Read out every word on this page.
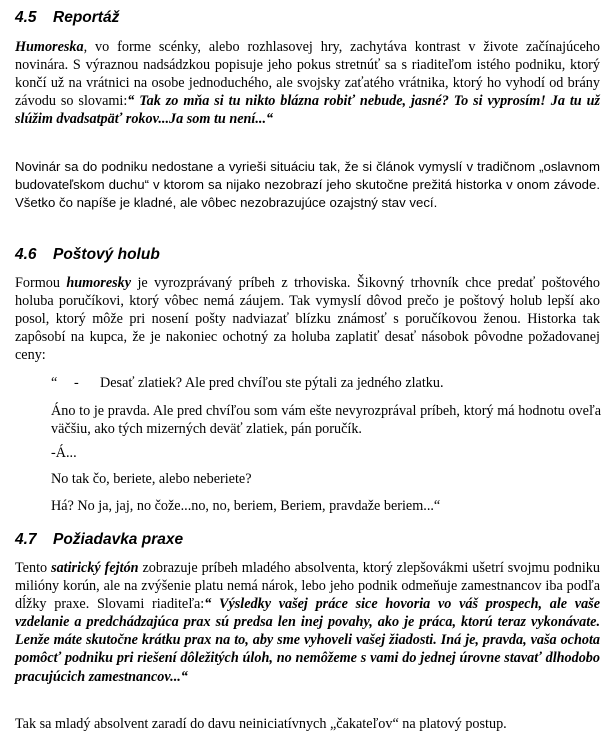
4.5 Reportáž

Humoreska, vo forme scénky, alebo rozhlasovej hry, zachytáva kontrast v živote začínajúceho novinára. S výraznou nadsádzkou popisuje jeho pokus stretnúť sa s riaditeľom istého podniku, ktorý končí už na vrátnici na osobe jednoduchého, ale svojsky zaťatého vrátnika, ktorý ho vyhodí od brány závodu so slovami:“ Tak zo mňa si tu nikto blázna robiť nebude, jasné? To si vyprosím! Ja tu už slúžim dvadsatpäť rokov...Ja som tu není...“

Novinár sa do podniku nedostane a vyrieši situáciu tak, že si článok vymyslí v tradičnom „oslavnom budovateľskom duchu“ v ktorom sa nijako nezobrazí jeho skutočne prežitá historka v onom závode. Všetko čo napíše je kladné, ale vôbec nezobrazujúce ozajstný stav vecí.

4.6 Poštový holub

Formou humoresky je vyrozprávaný príbeh z trhoviska. Šikovný trhovník chce predať poštového holuba poručíkovi, ktorý vôbec nemá záujem. Tak vymyslí dôvod prečo je poštový holub lepší ako posol, ktorý môže pri nosení pošty nadviazať blízku známosť s poručíkovou ženou. Historka tak zapôsobí na kupca, že je nakoniec ochotný za holuba zaplatiť desať násobok pôvodne požadovanej ceny:

“ - Desať zlatiek? Ale pred chvíľou ste pýtali za jedného zlatku.

Áno to je pravda. Ale pred chvíľou som vám ešte nevyrozprával príbeh, ktorý má hodnotu oveľa väčšiu, ako tých mizerných deväť zlatiek, pán poručík.

-Á...

No tak čo, beriete, alebo neberiete?

Há? No ja, jaj, no čože...no, no, beriem, Beriem, pravdaže beriem...“

4.7 Požiadavka praxe

Tento satirický fejtón zobrazuje príbeh mladého absolventa, ktorý zlepšovákmi ušetrí svojmu podniku milióny korún, ale na zvýšenie platu nemá nárok, lebo jeho podnik odmeňuje zamestnancov iba podľa dĺžky praxe. Slovami riaditeľa:“ Výsledky vašej práce sice hovoria vo váš prospech, ale vaše vzdelanie a predchádzajúca prax sú predsa len inej povahy, ako je práca, ktorú teraz vykonávate. Lenže máte skutočne krátku prax na to, aby sme vyhoveli vašej žiadosti. Iná je, pravda, vaša ochota pomôcť podniku pri riešení dôležitých úloh, no nemôžeme s vami do jednej úrovne stavať dlhodobo pracujúcich zamestnancov...“

Tak sa mladý absolvent zaradí do davu neiniciatívnych „čakateľov“ na platový postup.
